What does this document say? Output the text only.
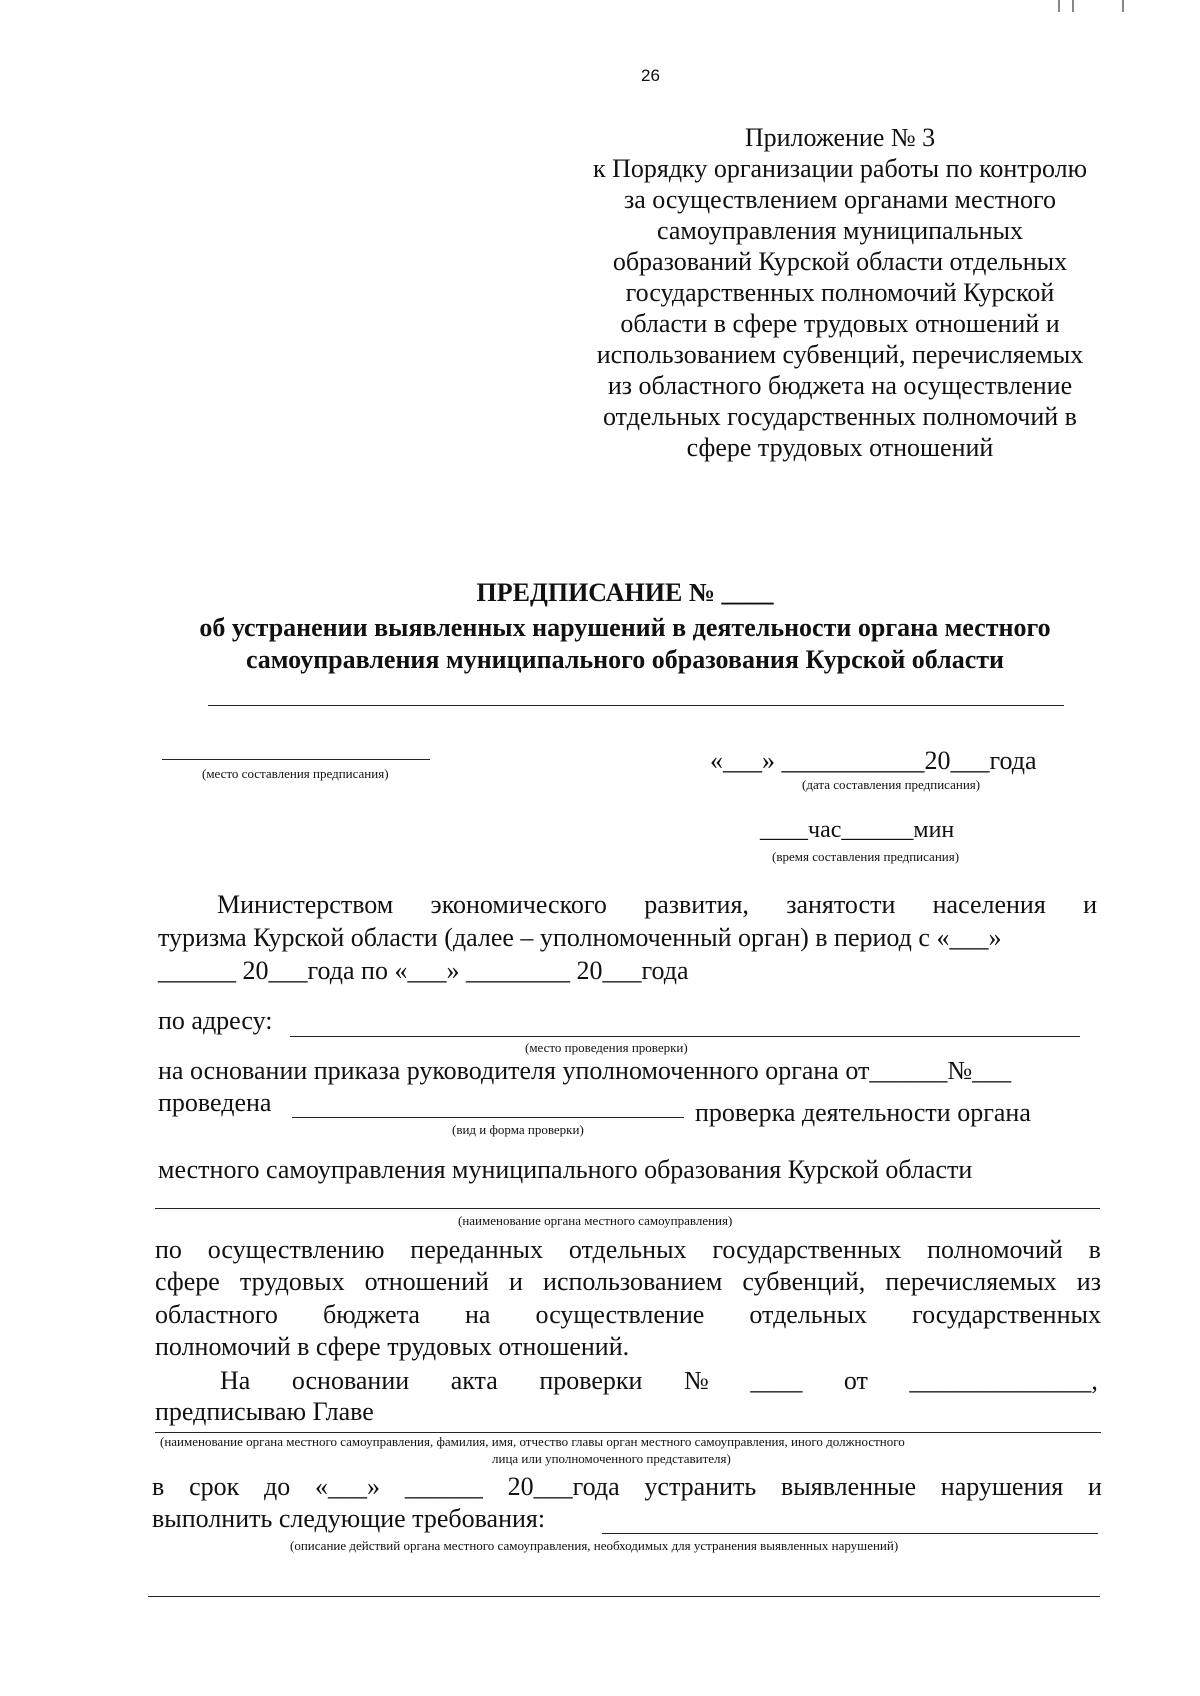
26
Приложение № 3
к Порядку организации работы по контролю
за осуществлением органами местного
самоуправления муниципальных
образований Курской области отдельных
государственных полномочий Курской
области в сфере трудовых отношений и
использованием субвенций, перечисляемых
из областного бюджета на осуществление
отдельных государственных полномочий в
сфере трудовых отношений
ПРЕДПИСАНИЕ № ____
об устранении выявленных нарушений в деятельности органа местного
самоуправления муниципального образования Курской области
(место составления предписания)	«___» ___________20___года
(дата составления предписания)
____час______мин
(время составления предписания)
Министерством экономического развития, занятости населения и
туризма Курской области (далее – уполномоченный орган) в период с «___»
______ 20___года по «___» ________ 20___года
по адресу:
(место проведения проверки)
на основании приказа руководителя уполномоченного органа от______№___
проведена	проверка деятельности органа
(вид и форма проверки)
местного самоуправления муниципального образования Курской области
(наименование органа местного самоуправления)
по осуществлению переданных отдельных государственных полномочий в
сфере трудовых отношений и использованием субвенций, перечисляемых из
областного бюджета на осуществление отдельных государственных
полномочий в сфере трудовых отношений.
На основании акта проверки № ____ от ______________,
предписываю Главе
(наименование органа местного самоуправления, фамилия, имя, отчество главы орган местного самоуправления, иного должностного
лица или уполномоченного представителя)
в срок до «___» ______ 20___года устранить выявленные нарушения и
выполнить следующие требования:
(описание действий органа местного самоуправления, необходимых для устранения выявленных нарушений)
